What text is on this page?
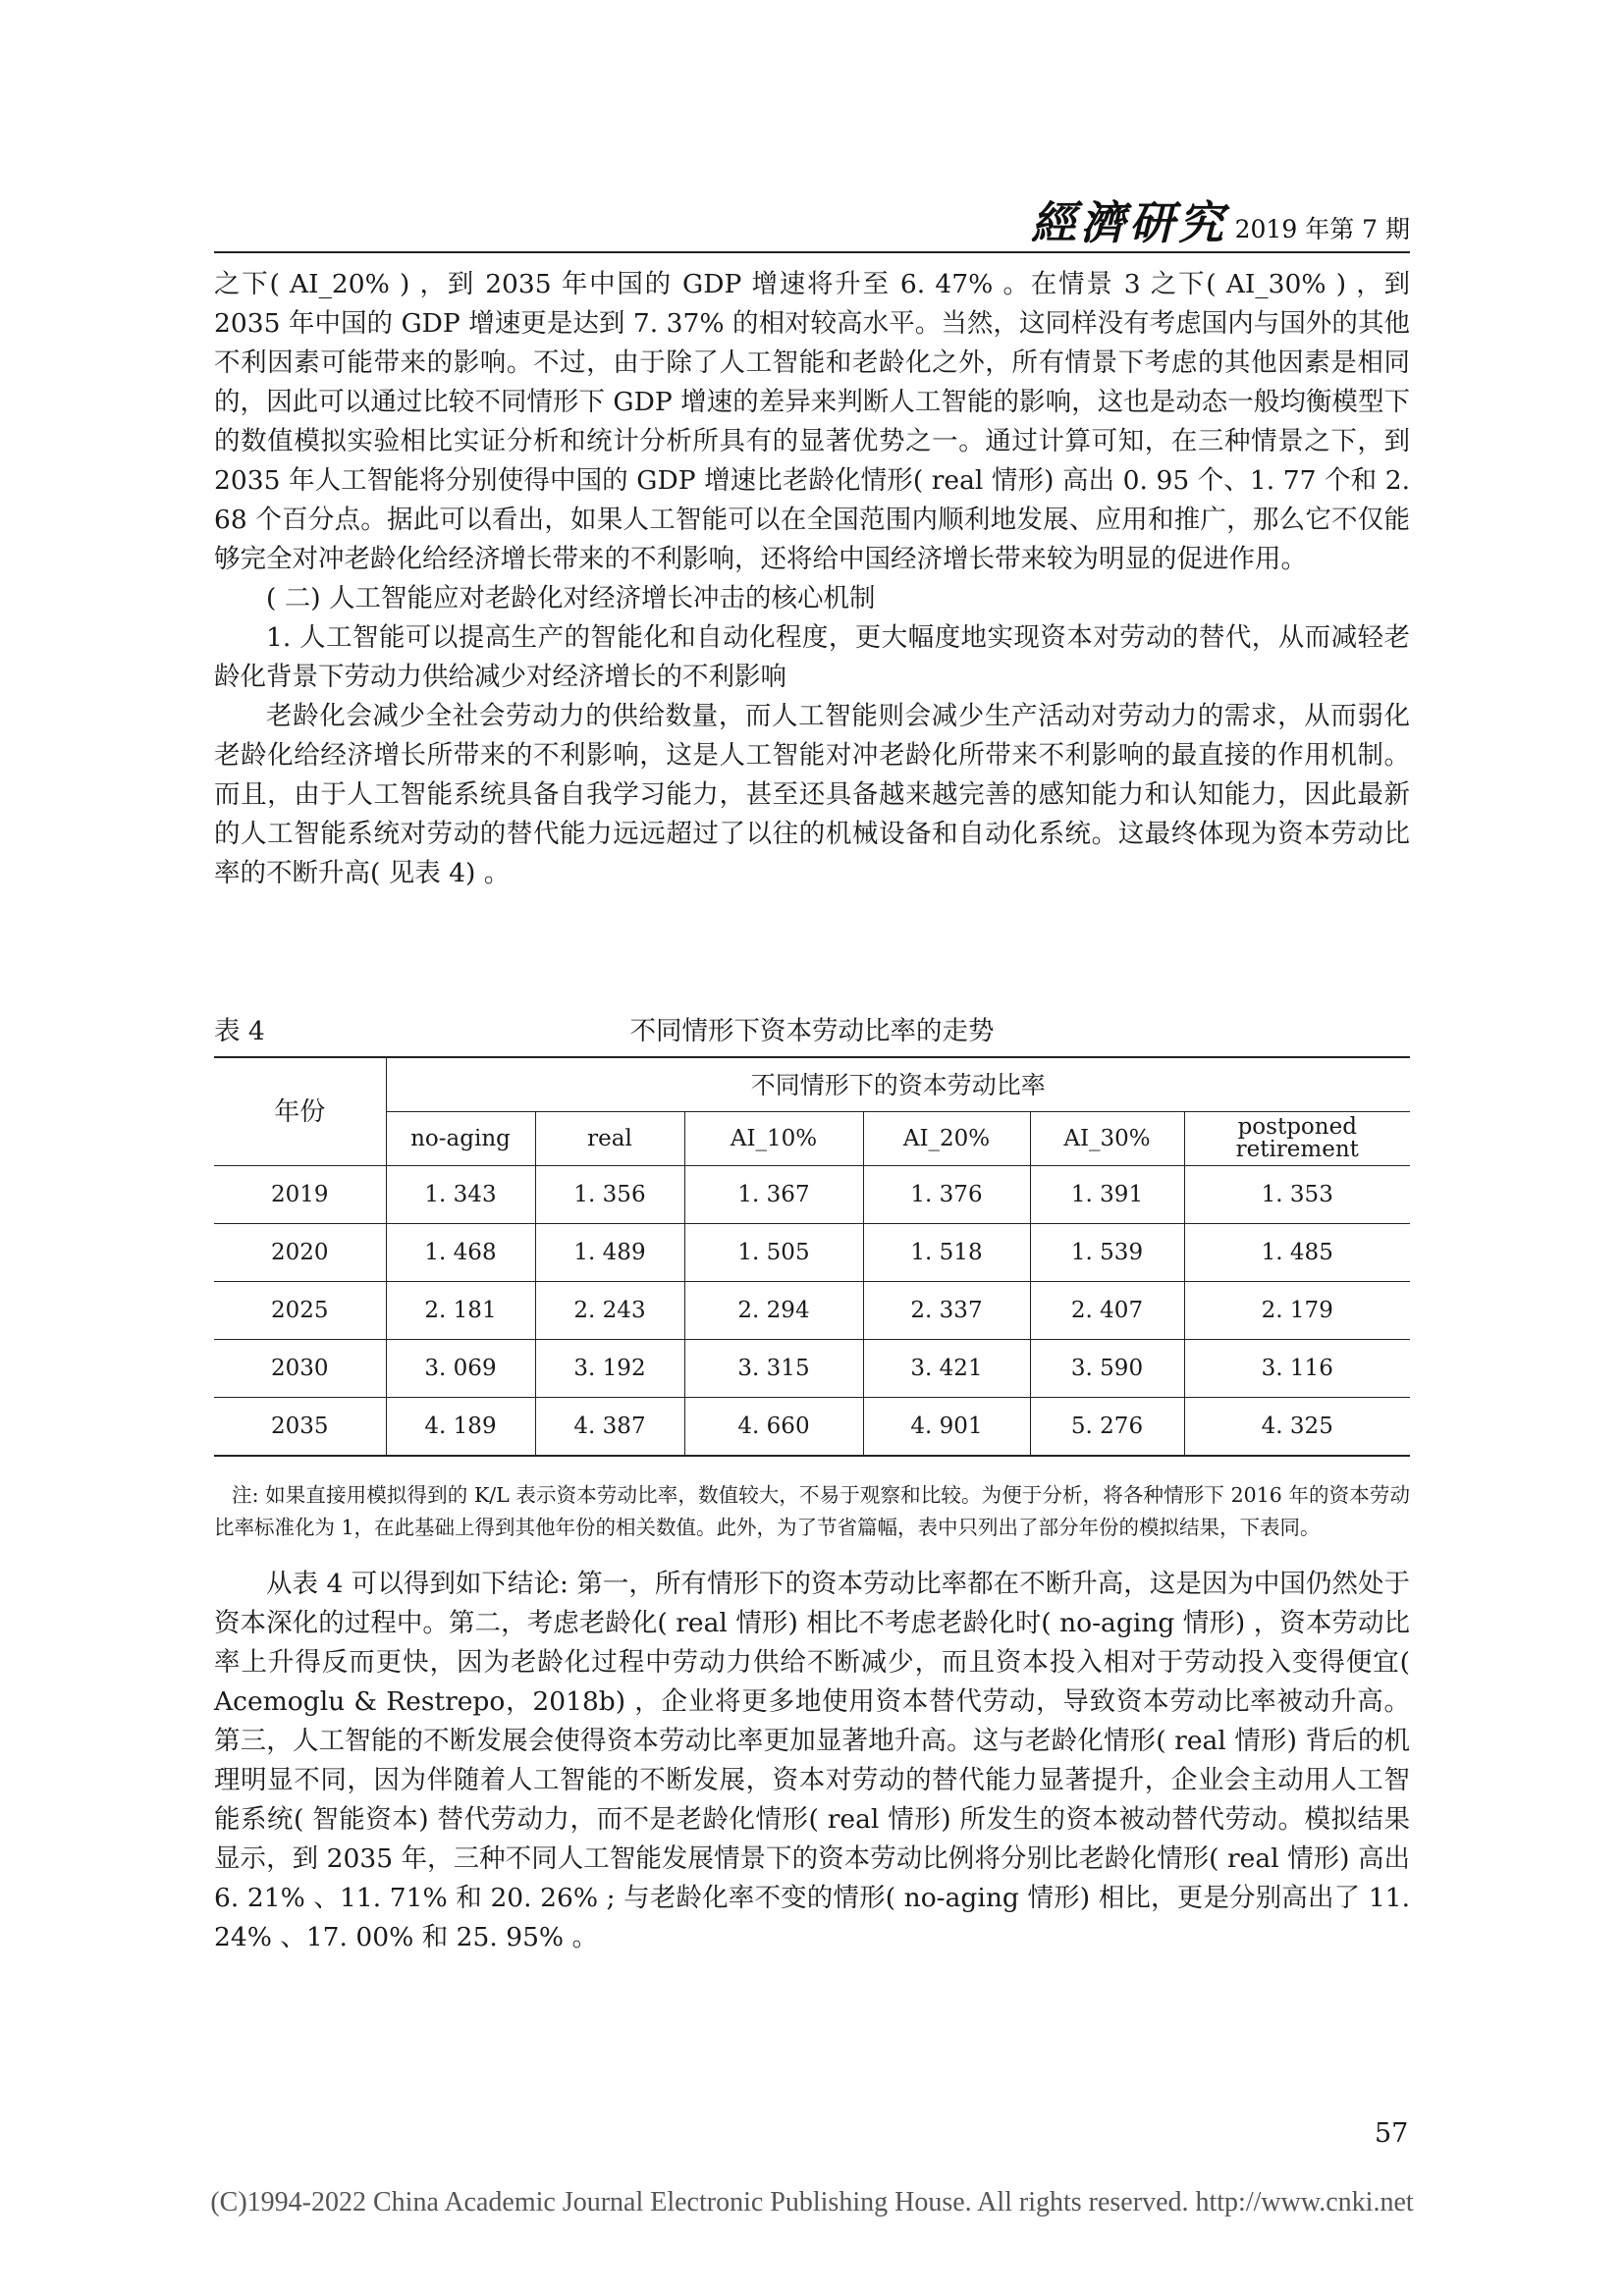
經濟研究 2019 年第 7 期

之下( AI_20% ) ，到 2035 年中国的 GDP 增速将升至 6. 47% 。在情景 3 之下( AI_30% ) ，到 2035 年中国的 GDP 增速更是达到 7. 37% 的相对较高水平。当然，这同样没有考虑国内与国外的其他不利因素可能带来的影响。不过，由于除了人工智能和老龄化之外，所有情景下考虑的其他因素是相同的，因此可以通过比较不同情形下 GDP 增速的差异来判断人工智能的影响，这也是动态一般均衡模型下的数值模拟实验相比实证分析和统计分析所具有的显著优势之一。通过计算可知，在三种情景之下，到 2035 年人工智能将分别使得中国的 GDP 增速比老龄化情形( real 情形) 高出 0. 95 个、1. 77 个和 2. 68 个百分点。据此可以看出，如果人工智能可以在全国范围内顺利地发展、应用和推广，那么它不仅能够完全对冲老龄化给经济增长带来的不利影响，还将给中国经济增长带来较为明显的促进作用。

( 二) 人工智能应对老龄化对经济增长冲击的核心机制

1. 人工智能可以提高生产的智能化和自动化程度，更大幅度地实现资本对劳动的替代，从而减轻老龄化背景下劳动力供给减少对经济增长的不利影响

老龄化会减少全社会劳动力的供给数量，而人工智能则会减少生产活动对劳动力的需求，从而弱化老龄化给经济增长所带来的不利影响，这是人工智能对冲老龄化所带来不利影响的最直接的作用机制。而且，由于人工智能系统具备自我学习能力，甚至还具备越来越完善的感知能力和认知能力，因此最新的人工智能系统对劳动的替代能力远远超过了以往的机械设备和自动化系统。这最终体现为资本劳动比率的不断升高( 见表 4) 。

表 4	不同情形下资本劳动比率的走势
年份	不同情形下的资本劳动比率					
	no-aging	real	AI_10%	AI_20%	AI_30%	postponed retirement
2019	1. 343	1. 356	1. 367	1. 376	1. 391	1. 353
2020	1. 468	1. 489	1. 505	1. 518	1. 539	1. 485
2025	2. 181	2. 243	2. 294	2. 337	2. 407	2. 179
2030	3. 069	3. 192	3. 315	3. 421	3. 590	3. 116
2035	4. 189	4. 387	4. 660	4. 901	5. 276	4. 325

注: 如果直接用模拟得到的 K/L 表示资本劳动比率，数值较大，不易于观察和比较。为便于分析，将各种情形下 2016 年的资本劳动比率标准化为 1，在此基础上得到其他年份的相关数值。此外，为了节省篇幅，表中只列出了部分年份的模拟结果，下表同。

从表 4 可以得到如下结论: 第一，所有情形下的资本劳动比率都在不断升高，这是因为中国仍然处于资本深化的过程中。第二，考虑老龄化( real 情形) 相比不考虑老龄化时( no-aging 情形) ，资本劳动比率上升得反而更快，因为老龄化过程中劳动力供给不断减少，而且资本投入相对于劳动投入变得便宜( Acemoglu & Restrepo，2018b) ，企业将更多地使用资本替代劳动，导致资本劳动比率被动升高。第三，人工智能的不断发展会使得资本劳动比率更加显著地升高。这与老龄化情形( real 情形) 背后的机理明显不同，因为伴随着人工智能的不断发展，资本对劳动的替代能力显著提升，企业会主动用人工智能系统( 智能资本) 替代劳动力，而不是老龄化情形( real 情形) 所发生的资本被动替代劳动。模拟结果显示，到 2035 年，三种不同人工智能发展情景下的资本劳动比例将分别比老龄化情形( real 情形) 高出 6. 21% 、11. 71% 和 20. 26% ; 与老龄化率不变的情形( no-aging 情形) 相比，更是分别高出了 11. 24% 、17. 00% 和 25. 95% 。

57
(C)1994-2022 China Academic Journal Electronic Publishing House. All rights reserved. http://www.cnki.net
